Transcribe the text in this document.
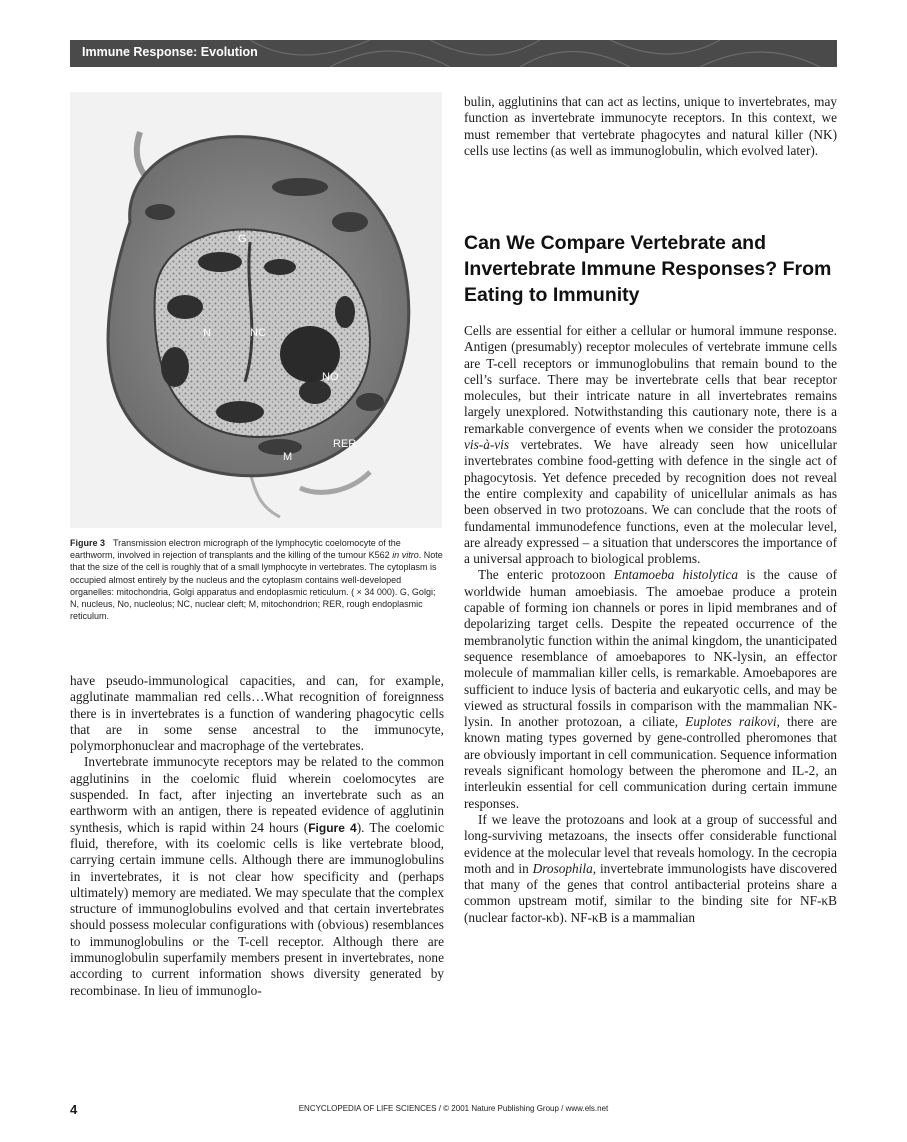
Immune Response: Evolution
G
N	NC
NO
M
RER
Figure 3 Transmission electron micrograph of the lymphocytic coelomocyte of the earthworm, involved in rejection of transplants and the killing of the tumour K562 in vitro. Note that the size of the cell is roughly that of a small lymphocyte in vertebrates. The cytoplasm is occupied almost entirely by the nucleus and the cytoplasm contains well-developed organelles: mitochondria, Golgi apparatus and endoplasmic reticulum. ( × 34 000). G, Golgi; N, nucleus, No, nucleolus; NC, nuclear cleft; M, mitochondrion; RER, rough endoplasmic reticulum.

have pseudo-immunological capacities, and can, for example, agglutinate mammalian red cells…What recognition of foreignness there is in invertebrates is a function of wandering phagocytic cells that are in some sense ancestral to the immunocyte, polymorphonuclear and macrophage of the vertebrates.

Invertebrate immunocyte receptors may be related to the common agglutinins in the coelomic fluid wherein coelomocytes are suspended. In fact, after injecting an invertebrate such as an earthworm with an antigen, there is repeated evidence of agglutinin synthesis, which is rapid within 24 hours (Figure 4). The coelomic fluid, therefore, with its coelomic cells is like vertebrate blood, carrying certain immune cells. Although there are immunoglobulins in invertebrates, it is not clear how specificity and (perhaps ultimately) memory are mediated. We may speculate that the complex structure of immunoglobulins evolved and that certain invertebrates should possess molecular configurations with (obvious) resemblances to immunoglobulins or the T-cell receptor. Although there are immunoglobulin superfamily members present in invertebrates, none according to current information shows diversity generated by recombinase. In lieu of immunoglo-

bulin, agglutinins that can act as lectins, unique to invertebrates, may function as invertebrate immunocyte receptors. In this context, we must remember that vertebrate phagocytes and natural killer (NK) cells use lectins (as well as immunoglobulin, which evolved later).

Can We Compare Vertebrate and Invertebrate Immune Responses? From Eating to Immunity

Cells are essential for either a cellular or humoral immune response. Antigen (presumably) receptor molecules of vertebrate immune cells are T-cell receptors or immunoglobulins that remain bound to the cell’s surface. There may be invertebrate cells that bear receptor molecules, but their intricate nature in all invertebrates remains largely unexplored. Notwithstanding this cautionary note, there is a remarkable convergence of events when we consider the protozoans vis-à-vis vertebrates. We have already seen how unicellular invertebrates combine food-getting with defence in the single act of phagocytosis. Yet defence preceded by recognition does not reveal the entire complexity and capability of unicellular animals as has been observed in two protozoans. We can conclude that the roots of fundamental immunodefence functions, even at the molecular level, are already expressed – a situation that underscores the importance of a universal approach to biological problems.

The enteric protozoon Entamoeba histolytica is the cause of worldwide human amoebiasis. The amoebae produce a protein capable of forming ion channels or pores in lipid membranes and of depolarizing target cells. Despite the repeated occurrence of the membranolytic function within the animal kingdom, the unanticipated sequence resemblance of amoebapores to NK-lysin, an effector molecule of mammalian killer cells, is remarkable. Amoebapores are sufficient to induce lysis of bacteria and eukaryotic cells, and may be viewed as structural fossils in comparison with the mammalian NK-lysin. In another protozoan, a ciliate, Euplotes raikovi, there are known mating types governed by gene-controlled pheromones that are obviously important in cell communication. Sequence information reveals significant homology between the pheromone and IL-2, an interleukin essential for cell communication during certain immune responses.

If we leave the protozoans and look at a group of successful and long-surviving metazoans, the insects offer considerable functional evidence at the molecular level that reveals homology. In the cecropia moth and in Drosophila, invertebrate immunologists have discovered that many of the genes that control antibacterial proteins share a common upstream motif, similar to the binding site for NF-κB (nuclear factor-κb). NF-κB is a mammalian

4	ENCYCLOPEDIA OF LIFE SCIENCES / © 2001 Nature Publishing Group / www.els.net
